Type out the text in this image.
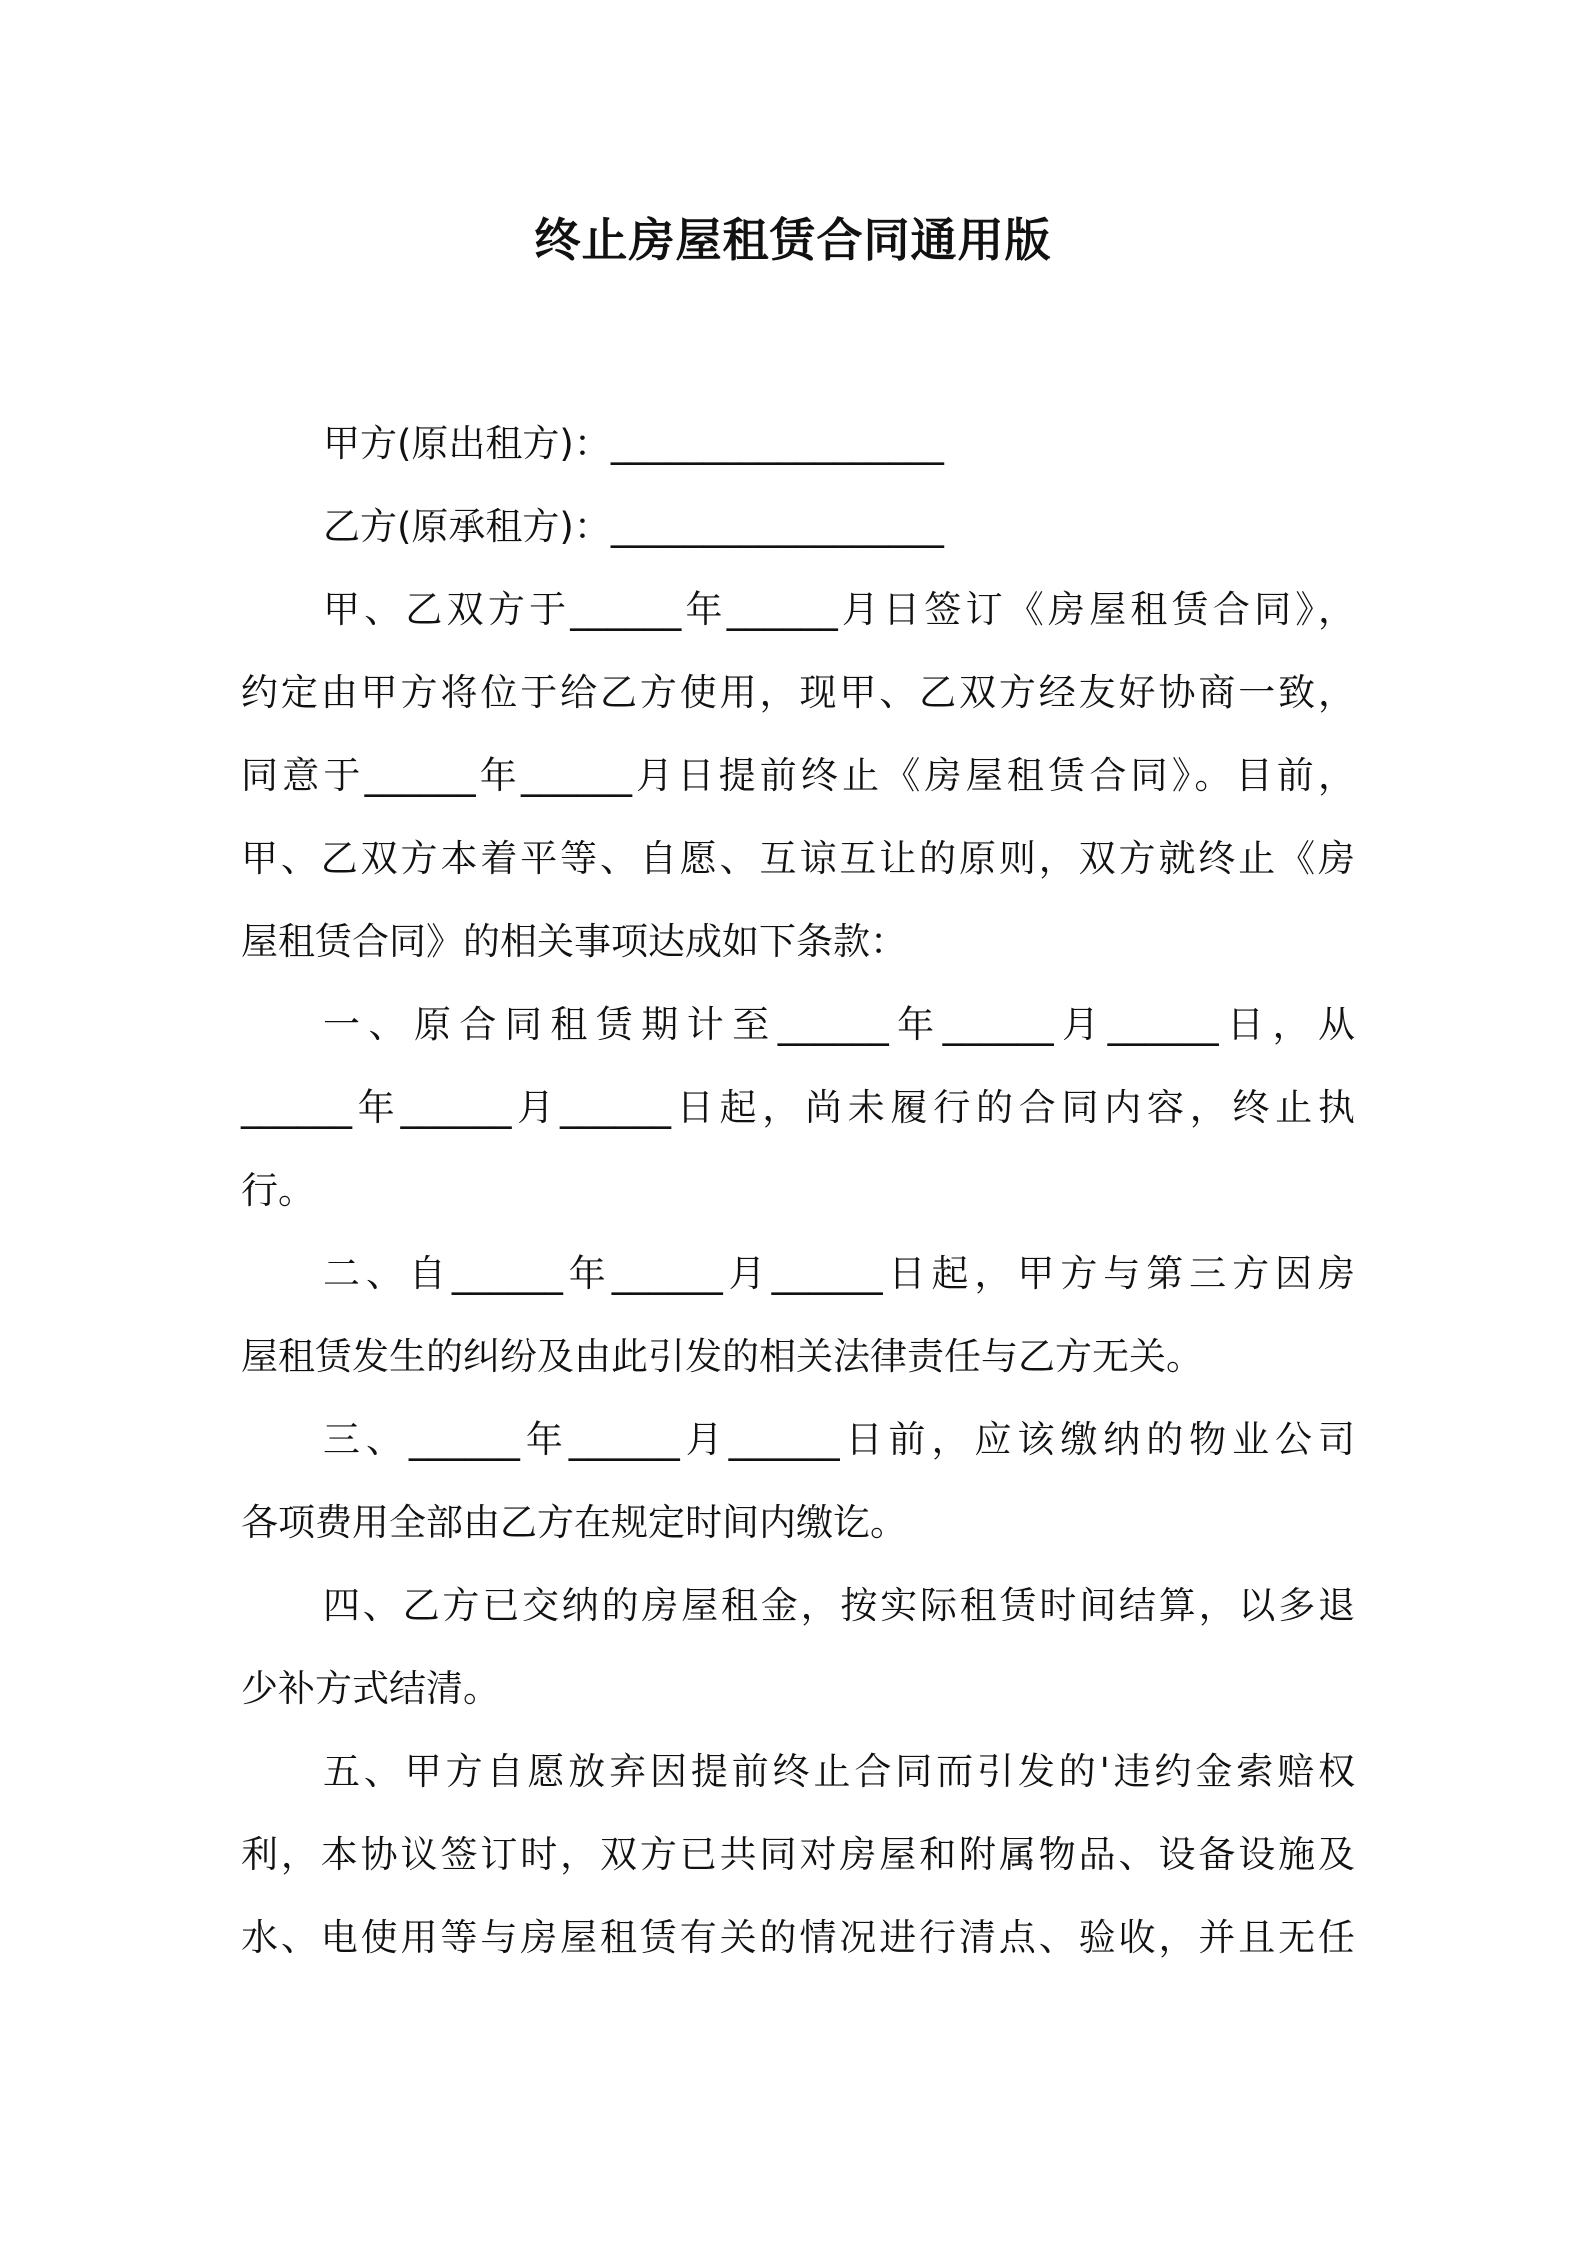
终止房屋租赁合同通用版
甲方(原出租方)：__________________
乙方(原承租方)：__________________
甲、乙双方于______年______月日签订《房屋租赁合同》，
约定由甲方将位于给乙方使用，现甲、乙双方经友好协商一致，
同意于______年______月日提前终止《房屋租赁合同》。目前，
甲、乙双方本着平等、自愿、互谅互让的原则，双方就终止《房
屋租赁合同》的相关事项达成如下条款：
一、原合同租赁期计至______年______月______日，从
______年______月______日起，尚未履行的合同内容，终止执
行。
二、自______年______月______日起，甲方与第三方因房
屋租赁发生的纠纷及由此引发的相关法律责任与乙方无关。
三、______年______月______日前，应该缴纳的物业公司
各项费用全部由乙方在规定时间内缴讫。
四、乙方已交纳的房屋租金，按实际租赁时间结算，以多退
少补方式结清。
五、甲方自愿放弃因提前终止合同而引发的'违约金索赔权
利，本协议签订时，双方已共同对房屋和附属物品、设备设施及
水、电使用等与房屋租赁有关的情况进行清点、验收，并且无任
